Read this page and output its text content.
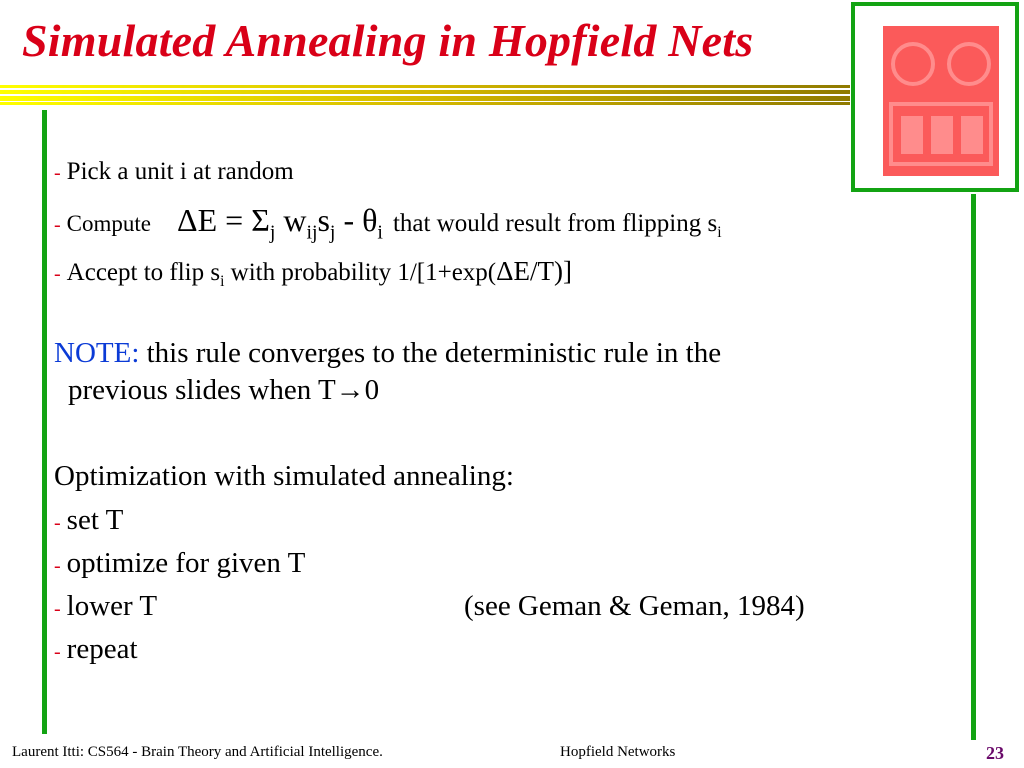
Simulated Annealing in Hopfield Nets
- Pick a unit i at random
- Compute $\Delta E = \Sigma_j$ $w_{ij}s_j - \theta_i$ that would result from flipping $s_i$
- Accept to flip $s_i$ with probability 1/[1+exp(ΔE/T)]
NOTE: this rule converges to the deterministic rule in the
previous slides when T→0
Optimization with simulated annealing:
- set T
- optimize for given T
- lower T	(see Geman & Geman, 1984)
- repeat
Laurent Itti: CS564 - Brain Theory and Artificial Intelligence.	Hopfield Networks	23
